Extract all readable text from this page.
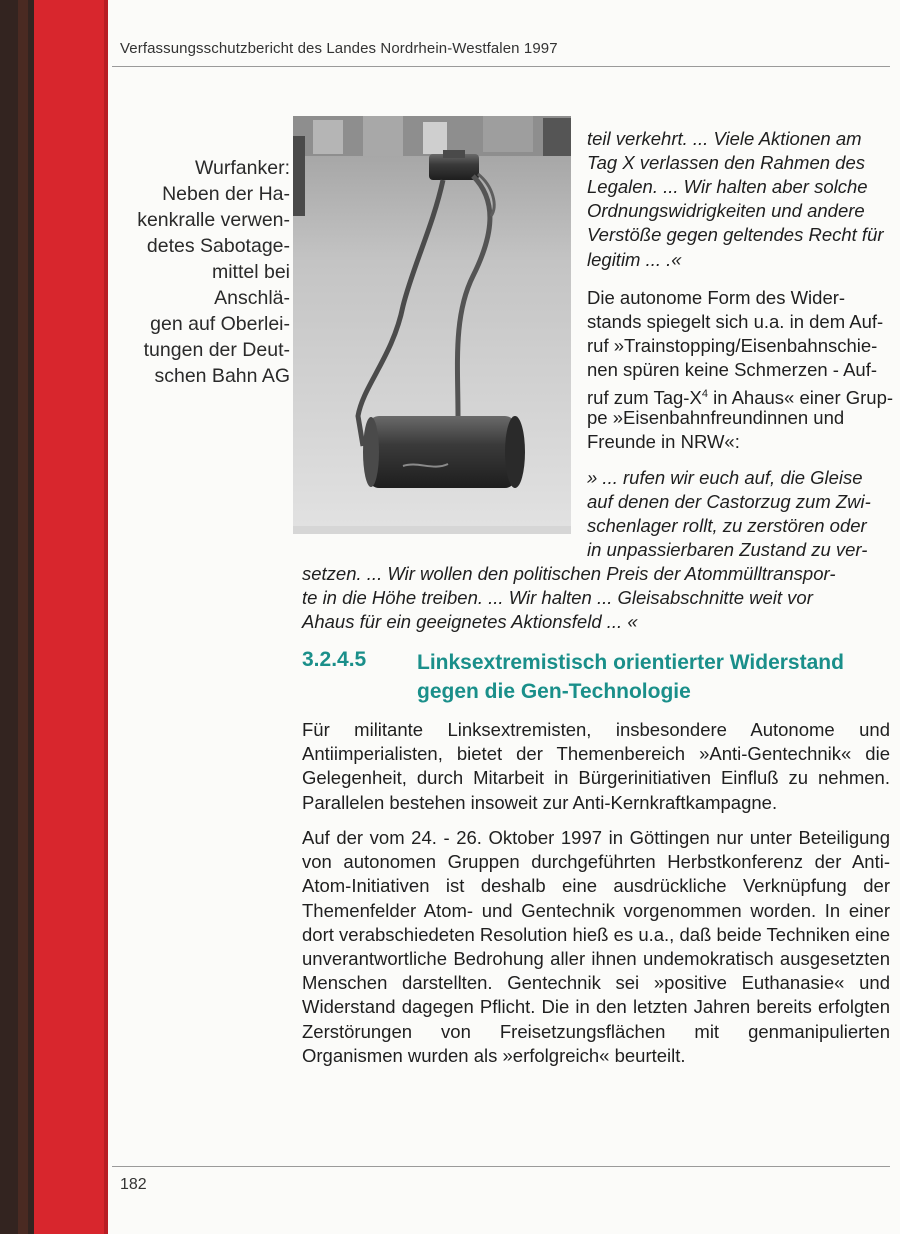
Verfassungsschutzbericht des Landes Nordrhein-Westfalen 1997
Wurfanker:
Neben der Ha-
kenkralle verwen-
detes Sabotage-
mittel bei Anschlä-
gen auf Oberlei-
tungen der Deut-
schen Bahn AG
teil verkehrt. ... Viele Aktionen am
Tag X verlassen den Rahmen des
Legalen. ... Wir halten aber solche
Ordnungswidrigkeiten und andere
Verstöße gegen geltendes Recht für
legitim ... .«
Die autonome Form des Wider-
stands spiegelt sich u.a. in dem Auf-
ruf »Trainstopping/Eisenbahnschie-
nen spüren keine Schmerzen - Auf-
ruf zum Tag-$X^4$ in Ahaus« einer Grup-
pe »Eisenbahnfreundinnen und
Freunde in NRW«:
» ... rufen wir euch auf, die Gleise
auf denen der Castorzug zum Zwi-
schenlager rollt, zu zerstören oder
in unpassierbaren Zustand zu ver-
setzen. ... Wir wollen den politischen Preis der Atommülltranspor-
te in die Höhe treiben. ... Wir halten ... Gleisabschnitte weit vor
Ahaus für ein geeignetes Aktionsfeld ... «
3.2.4.5 Linksextremistisch orientierter Widerstand
gegen die Gen-Technologie
Für militante Linksextremisten, insbesondere Autonome und Antiimperialisten, bietet der Themenbereich »Anti-Gentechnik« die Gelegenheit, durch Mitarbeit in Bürgerinitiativen Einfluß zu nehmen. Parallelen bestehen insoweit zur Anti-Kernkraftkampagne.
Auf der vom 24. - 26. Oktober 1997 in Göttingen nur unter Beteiligung von autonomen Gruppen durchgeführten Herbstkonferenz der Anti-Atom-Initiativen ist deshalb eine ausdrückliche Verknüpfung der Themenfelder Atom- und Gentechnik vorgenommen worden. In einer dort verabschiedeten Resolution hieß es u.a., daß beide Techniken eine unverantwortliche Bedrohung aller ihnen undemokratisch ausgesetzten Menschen darstellten. Gentechnik sei »positive Euthanasie« und Widerstand dagegen Pflicht. Die in den letzten Jahren bereits erfolgten Zerstörungen von Freisetzungsflächen mit genmanipulierten Organismen wurden als »erfolgreich« beurteilt.
182
